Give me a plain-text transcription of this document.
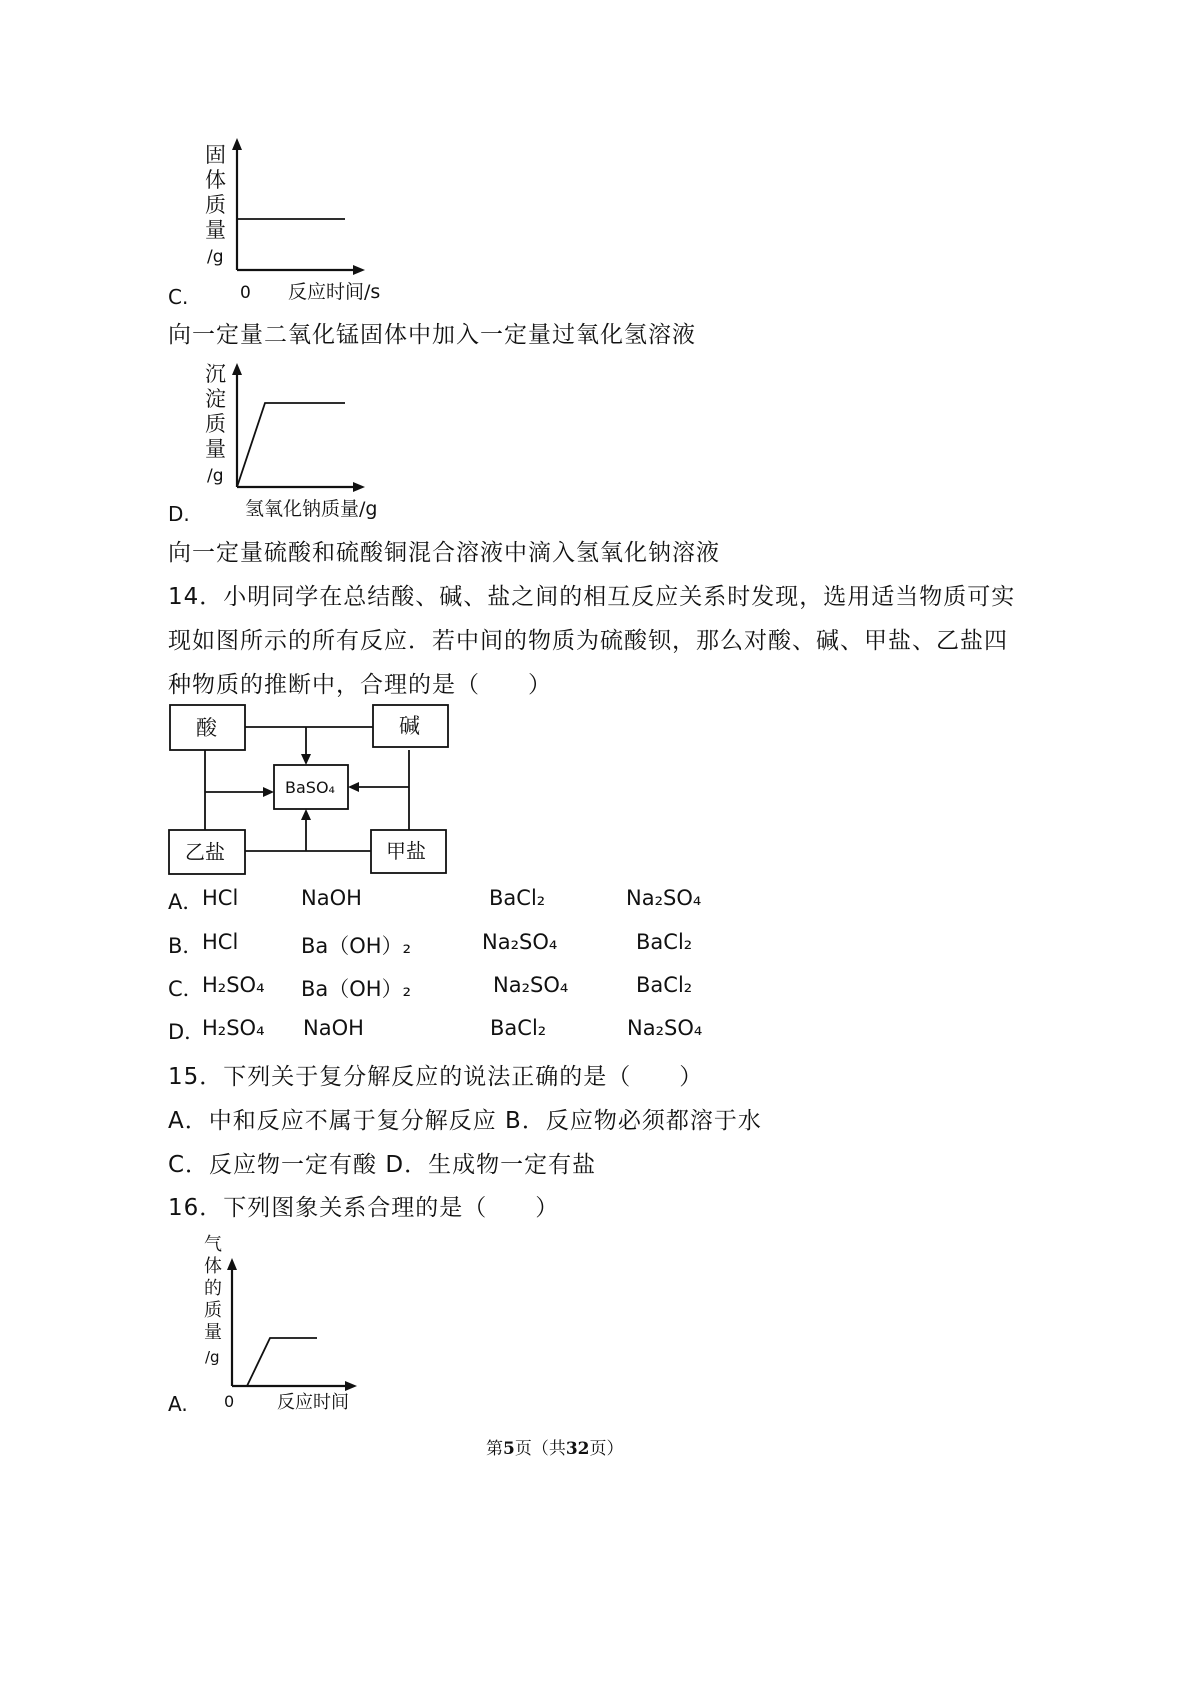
固
体
质
量
/g
0 反应时间/s
C.
向一定量二氧化锰固体中加入一定量过氧化氢溶液
沉
淀
质
量
/g
氢氧化钠质量/g
D.
向一定量硫酸和硫酸铜混合溶液中滴入氢氧化钠溶液
14．小明同学在总结酸、碱、盐之间的相互反应关系时发现，选用适当物质可实
现如图所示的所有反应．若中间的物质为硫酸钡，那么对酸、碱、甲盐、乙盐四
种物质的推断中，合理的是（　　）
酸	碱
BaSO₄
乙盐	甲盐
A．
HCl	NaOH	BaCl₂	Na₂SO₄
B．
HCl	Ba（OH）₂	Na₂SO₄	BaCl₂
C．
H₂SO₄ Ba（OH）₂	Na₂SO₄	BaCl₂
D．
H₂SO₄ NaOH	BaCl₂	Na₂SO₄
15．下列关于复分解反应的说法正确的是（　　）
A．中和反应不属于复分解反应 B．反应物必须都溶于水
C．反应物一定有酸 D．生成物一定有盐
16．下列图象关系合理的是（　　）
气
体
的
质
量
/g
0 反应时间
A.
第5页（共32页）
